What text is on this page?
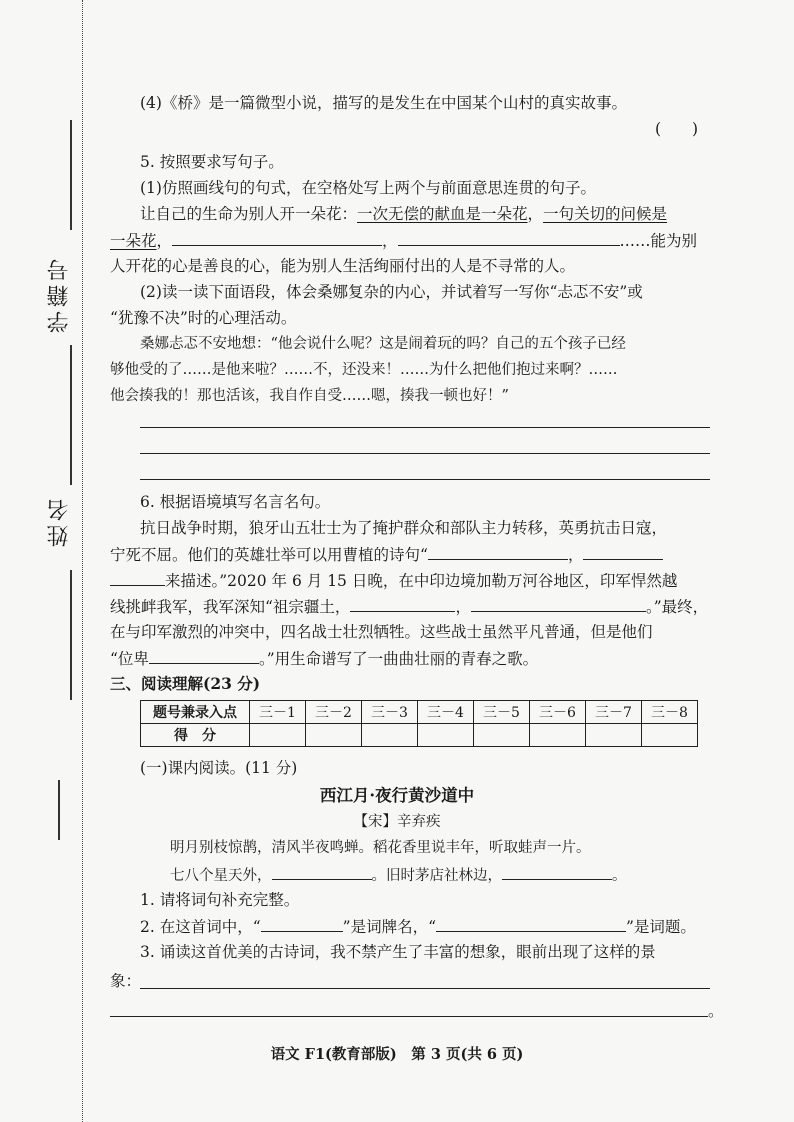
学籍号
姓名
(4)《桥》是一篇微型小说，描写的是发生在中国某个山村的真实故事。
(　　)
5. 按照要求写句子。
(1)仿照画线句的句式，在空格处写上两个与前面意思连贯的句子。
让自己的生命为别人开一朵花：一次无偿的献血是一朵花，一句关切的问候是
一朵花，	，	……能为别
人开花的心是善良的心，能为别人生活绚丽付出的人是不寻常的人。
(2)读一读下面语段，体会桑娜复杂的内心，并试着写一写你“忐忑不安”或
“犹豫不决”时的心理活动。
桑娜忐忑不安地想：“他会说什么呢？这是闹着玩的吗？自己的五个孩子已经
够他受的了……是他来啦？……不，还没来！……为什么把他们抱过来啊？……
他会揍我的！那也活该，我自作自受……嗯，揍我一顿也好！”
6. 根据语境填写名言名句。
抗日战争时期，狼牙山五壮士为了掩护群众和部队主力转移，英勇抗击日寇，
宁死不屈。他们的英雄壮举可以用曹植的诗句“	，
来描述。”2020 年 6 月 15 日晚，在中印边境加勒万河谷地区，印军悍然越
线挑衅我军，我军深知“祖宗疆土，	，	。”最终，
在与印军激烈的冲突中，四名战士壮烈牺牲。这些战士虽然平凡普通，但是他们
“位卑	。”用生命谱写了一曲曲壮丽的青春之歌。
三、阅读理解(23 分)
题号兼录入点	三－1	三－2	三－3	三－4	三－5	三－6	三－7	三－8
得　分								
(一)课内阅读。(11 分)
西江月·夜行黄沙道中
【宋】辛弃疾
明月别枝惊鹊，清风半夜鸣蝉。稻花香里说丰年，听取蛙声一片。
七八个星天外，	。旧时茅店社林边，	。
1. 请将词句补充完整。
2. 在这首词中，“	”是词牌名，“	”是词题。
3. 诵读这首优美的古诗词，我不禁产生了丰富的想象，眼前出现了这样的景
象：
。
语文 F1(教育部版)　第 3 页(共 6 页)
